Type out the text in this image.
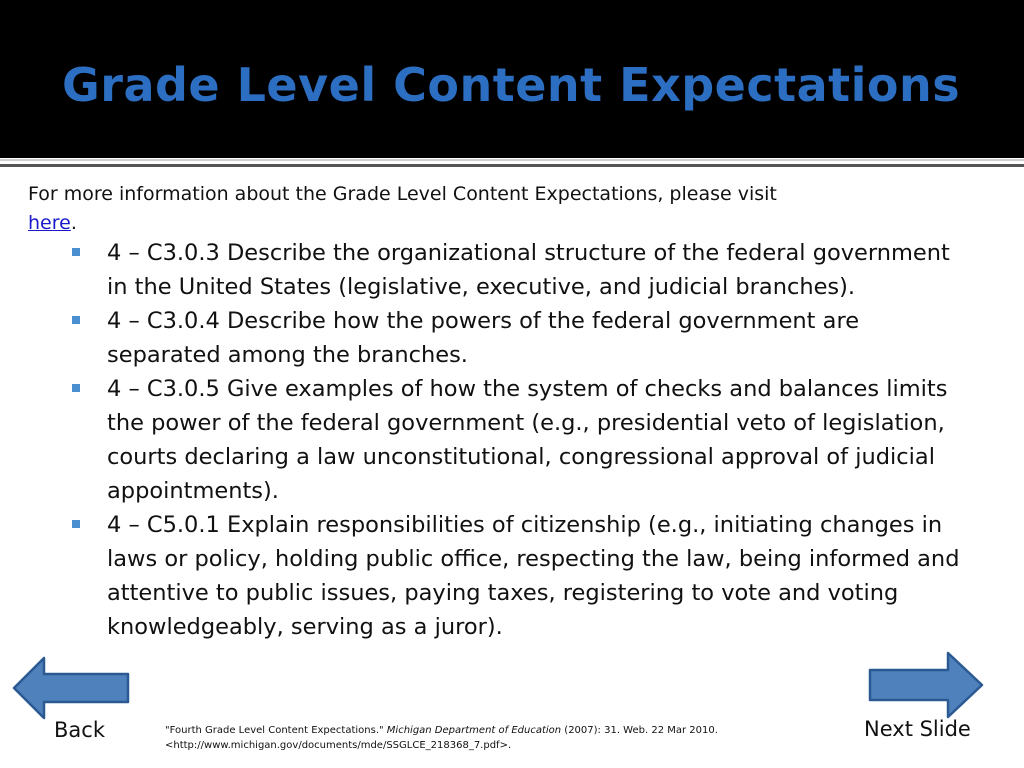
Grade Level Content Expectations
For more information about the Grade Level Content Expectations, please visit here.
4 – C3.0.3 Describe the organizational structure of the federal government in the United States (legislative, executive, and judicial branches).
4 – C3.0.4 Describe how the powers of the federal government are separated among the branches.
4 – C3.0.5 Give examples of how the system of checks and balances limits the power of the federal government (e.g., presidential veto of legislation, courts declaring a law unconstitutional, congressional approval of judicial appointments).
4 – C5.0.1 Explain responsibilities of citizenship (e.g., initiating changes in laws or policy, holding public office, respecting the law, being informed and attentive to public issues, paying taxes, registering to vote and voting knowledgeably, serving as a juror).
Back	Next Slide
"Fourth Grade Level Content Expectations." Michigan Department of Education (2007): 31. Web. 22 Mar 2010.
<http://www.michigan.gov/documents/mde/SSGLCE_218368_7.pdf>.
